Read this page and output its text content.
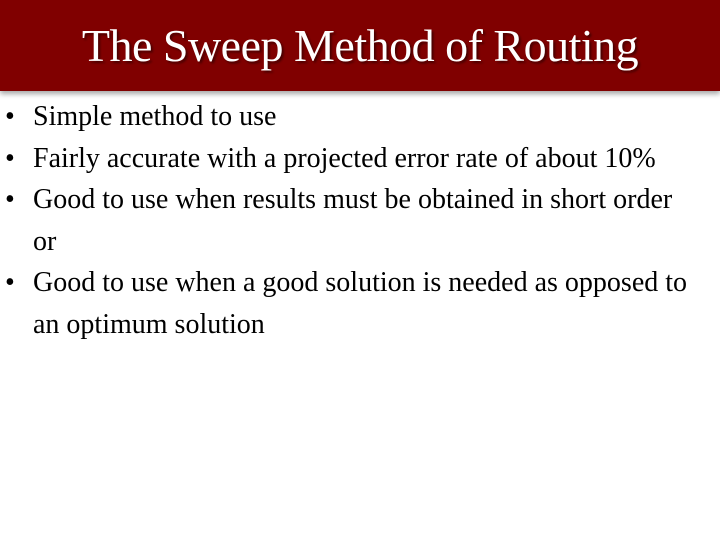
The Sweep Method of Routing
• Simple method to use
• Fairly accurate with a projected error rate of about 10%
• Good to use when results must be obtained in short order or
• Good to use when a good solution is needed as opposed to an optimum solution
